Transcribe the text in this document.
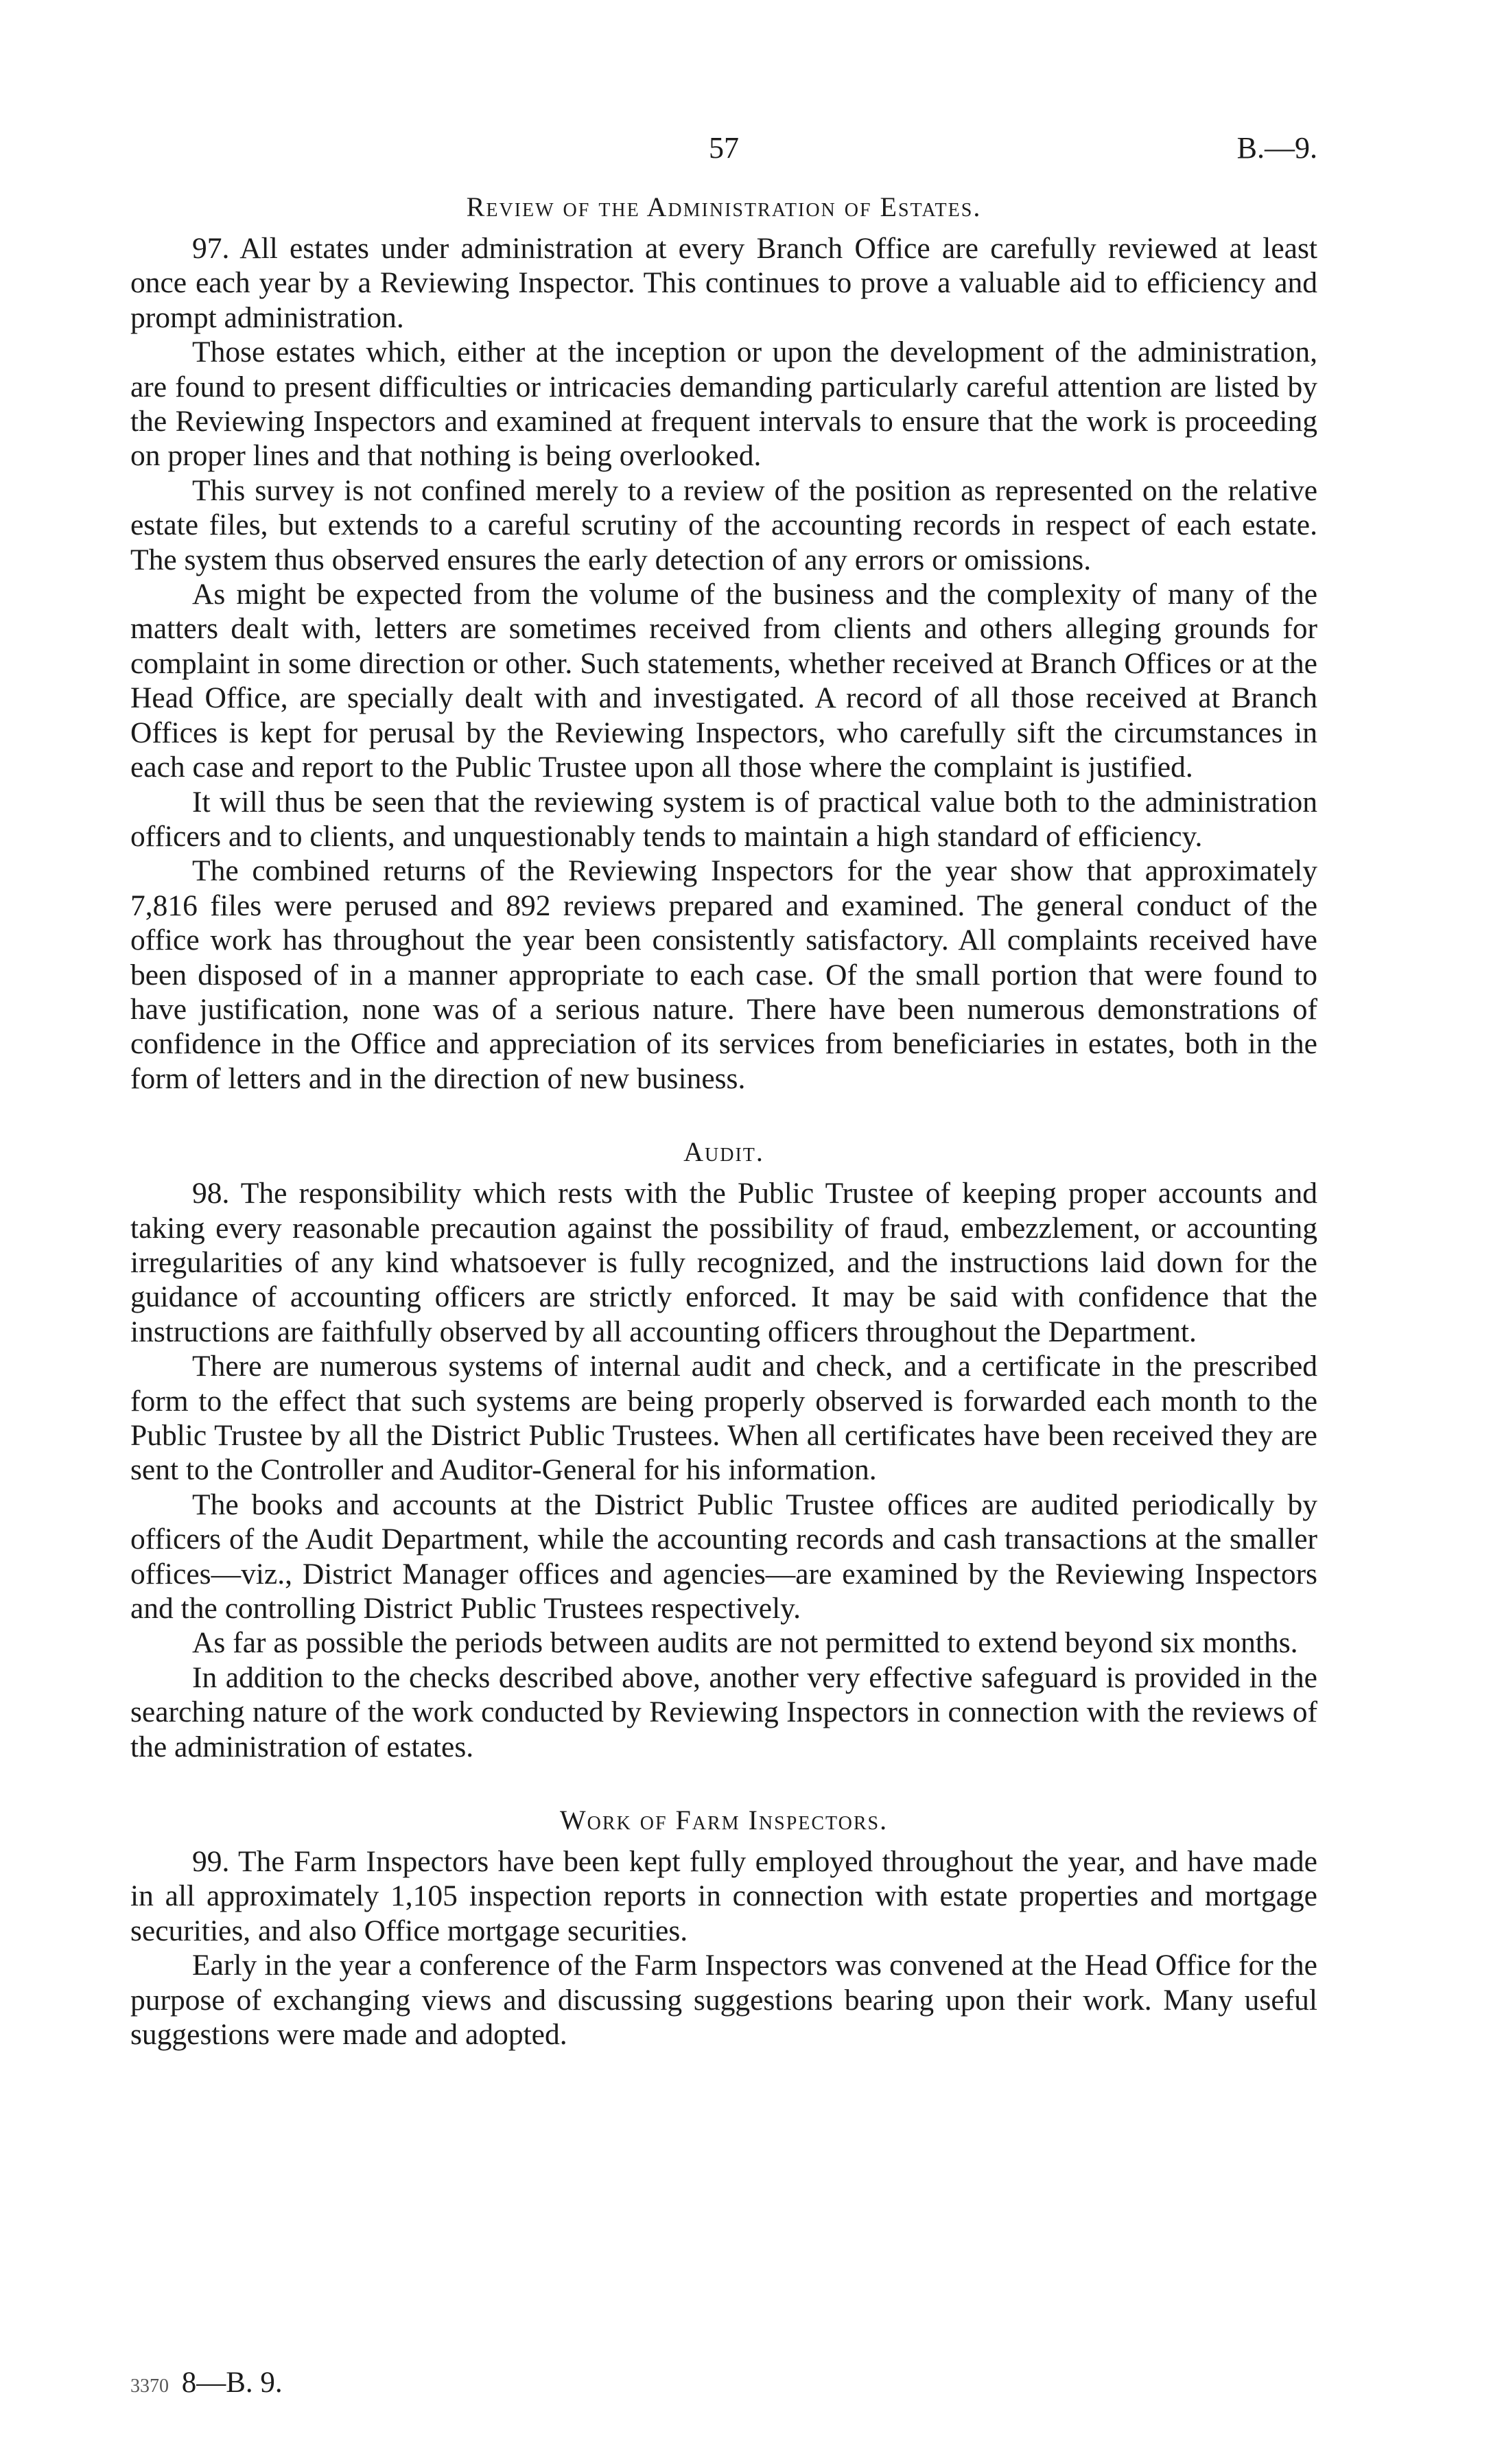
57	B.—9.
Review of the Administration of Estates.

97. All estates under administration at every Branch Office are carefully reviewed at least once each year by a Reviewing Inspector. This continues to prove a valuable aid to efficiency and prompt administration.

Those estates which, either at the inception or upon the development of the administration, are found to present difficulties or intricacies demanding particularly careful attention are listed by the Reviewing Inspectors and examined at frequent intervals to ensure that the work is proceeding on proper lines and that nothing is being overlooked.

This survey is not confined merely to a review of the position as represented on the relative estate files, but extends to a careful scrutiny of the accounting records in respect of each estate. The system thus observed ensures the early detection of any errors or omissions.

As might be expected from the volume of the business and the complexity of many of the matters dealt with, letters are sometimes received from clients and others alleging grounds for complaint in some direction or other. Such statements, whether received at Branch Offices or at the Head Office, are specially dealt with and investigated. A record of all those received at Branch Offices is kept for perusal by the Reviewing Inspectors, who carefully sift the circumstances in each case and report to the Public Trustee upon all those where the complaint is justified.

It will thus be seen that the reviewing system is of practical value both to the administration officers and to clients, and unquestionably tends to maintain a high standard of efficiency.

The combined returns of the Reviewing Inspectors for the year show that approximately 7,816 files were perused and 892 reviews prepared and examined. The general conduct of the office work has throughout the year been consistently satisfactory. All complaints received have been disposed of in a manner appropriate to each case. Of the small portion that were found to have justification, none was of a serious nature. There have been numerous demonstrations of confidence in the Office and appreciation of its services from beneficiaries in estates, both in the form of letters and in the direction of new business.

Audit.

98. The responsibility which rests with the Public Trustee of keeping proper accounts and taking every reasonable precaution against the possibility of fraud, embezzlement, or accounting irregularities of any kind whatsoever is fully recognized, and the instructions laid down for the guidance of accounting officers are strictly enforced. It may be said with confidence that the instructions are faithfully observed by all accounting officers throughout the Department.

There are numerous systems of internal audit and check, and a certificate in the prescribed form to the effect that such systems are being properly observed is forwarded each month to the Public Trustee by all the District Public Trustees. When all certificates have been received they are sent to the Controller and Auditor-General for his information.

The books and accounts at the District Public Trustee offices are audited periodically by officers of the Audit Department, while the accounting records and cash transactions at the smaller offices—viz., District Manager offices and agencies—are examined by the Reviewing Inspectors and the controlling District Public Trustees respectively.

As far as possible the periods between audits are not permitted to extend beyond six months.

In addition to the checks described above, another very effective safeguard is provided in the searching nature of the work conducted by Reviewing Inspectors in connection with the reviews of the administration of estates.

Work of Farm Inspectors.

99. The Farm Inspectors have been kept fully employed throughout the year, and have made in all approximately 1,105 inspection reports in connection with estate properties and mortgage securities, and also Office mortgage securities.

Early in the year a conference of the Farm Inspectors was convened at the Head Office for the purpose of exchanging views and discussing suggestions bearing upon their work. Many useful suggestions were made and adopted.

3370 8—B. 9.
